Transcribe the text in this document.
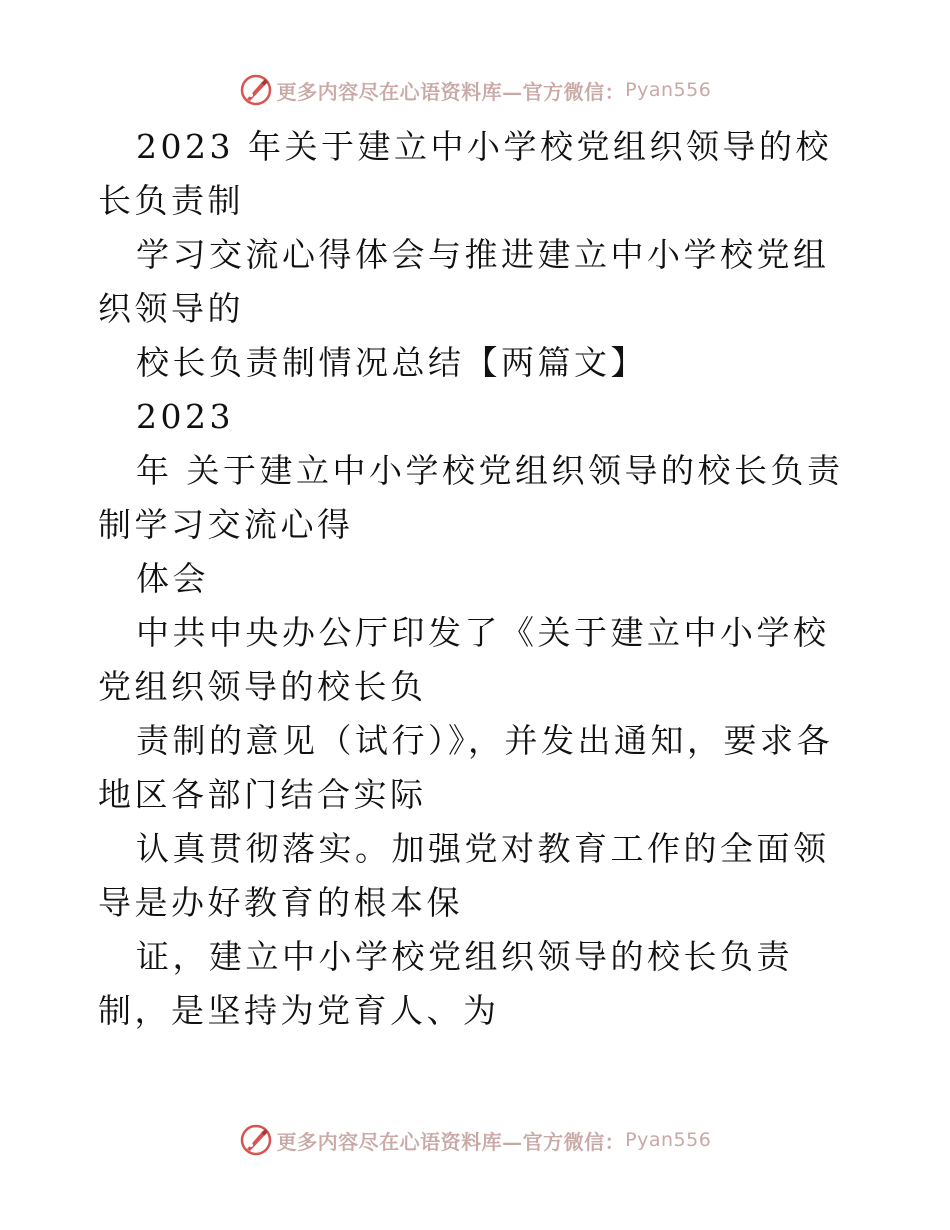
更多内容尽在心语资料库—官方微信： Pyan556

2023 年关于建立中小学校党组织领导的校长负责制

学习交流心得体会与推进建立中小学校党组织领导的

校长负责制情况总结【两篇文】

2023

年 关于建立中小学校党组织领导的校长负责制学习交流心得

体会

中共中央办公厅印发了《关于建立中小学校党组织领导的校长负

责制的意见（试行）》，并发出通知，要求各地区各部门结合实际

认真贯彻落实。加强党对教育工作的全面领导是办好教育的根本保

证，建立中小学校党组织领导的校长负责制，是坚持为党育人、为

更多内容尽在心语资料库—官方微信： Pyan556
